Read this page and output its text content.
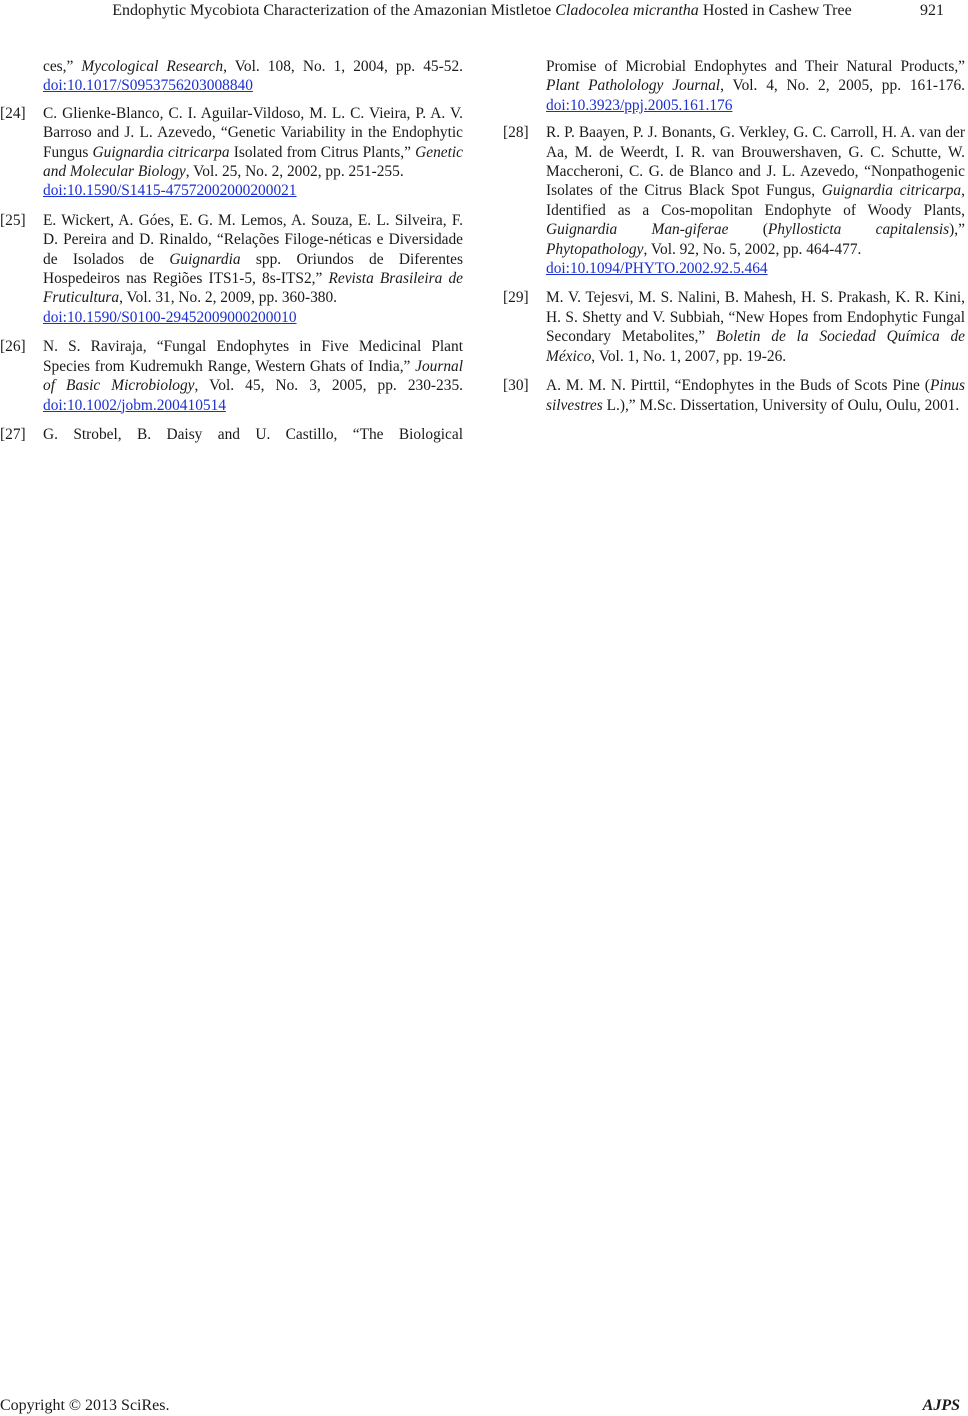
Endophytic Mycobiota Characterization of the Amazonian Mistletoe Cladocolea micrantha Hosted in Cashew Tree	921
ces,” Mycological Research, Vol. 108, No. 1, 2004, pp. 45-52. doi:10.1017/S0953756203008840
[24]	C. Glienke-Blanco, C. I. Aguilar-Vildoso, M. L. C. Vieira, P. A. V. Barroso and J. L. Azevedo, “Genetic Variability in the Endophytic Fungus Guignardia citricarpa Isolated from Citrus Plants,” Genetic and Molecular Biology, Vol. 25, No. 2, 2002, pp. 251-255.
doi:10.1590/S1415-47572002000200021
[25]	E. Wickert, A. Góes, E. G. M. Lemos, A. Souza, E. L. Silveira, F. D. Pereira and D. Rinaldo, “Relações Filoge-néticas e Diversidade de Isolados de Guignardia spp. Oriundos de Diferentes Hospedeiros nas Regiões ITS1-5, 8s-ITS2,” Revista Brasileira de Fruticultura, Vol. 31, No. 2, 2009, pp. 360-380.
doi:10.1590/S0100-29452009000200010
[26]	N. S. Raviraja, “Fungal Endophytes in Five Medicinal Plant Species from Kudremukh Range, Western Ghats of India,” Journal of Basic Microbiology, Vol. 45, No. 3, 2005, pp. 230-235. doi:10.1002/jobm.200410514
[27]	G. Strobel, B. Daisy and U. Castillo, “The Biological
Promise of Microbial Endophytes and Their Natural Products,” Plant Patholology Journal, Vol. 4, No. 2, 2005, pp. 161-176. doi:10.3923/ppj.2005.161.176
[28]	R. P. Baayen, P. J. Bonants, G. Verkley, G. C. Carroll, H. A. van der Aa, M. de Weerdt, I. R. van Brouwershaven, G. C. Schutte, W. Maccheroni, C. G. de Blanco and J. L. Azevedo, “Nonpathogenic Isolates of the Citrus Black Spot Fungus, Guignardia citricarpa, Identified as a Cos-mopolitan Endophyte of Woody Plants, Guignardia Man-giferae (Phyllosticta capitalensis),” Phytopathology, Vol. 92, No. 5, 2002, pp. 464-477.
doi:10.1094/PHYTO.2002.92.5.464
[29]	M. V. Tejesvi, M. S. Nalini, B. Mahesh, H. S. Prakash, K. R. Kini, H. S. Shetty and V. Subbiah, “New Hopes from Endophytic Fungal Secondary Metabolites,” Boletin de la Sociedad Química de México, Vol. 1, No. 1, 2007, pp. 19-26.
[30]	A. M. M. N. Pirttil, “Endophytes in the Buds of Scots Pine (Pinus silvestres L.),” M.Sc. Dissertation, University of Oulu, Oulu, 2001.
Copyright © 2013 SciRes.	AJPS
